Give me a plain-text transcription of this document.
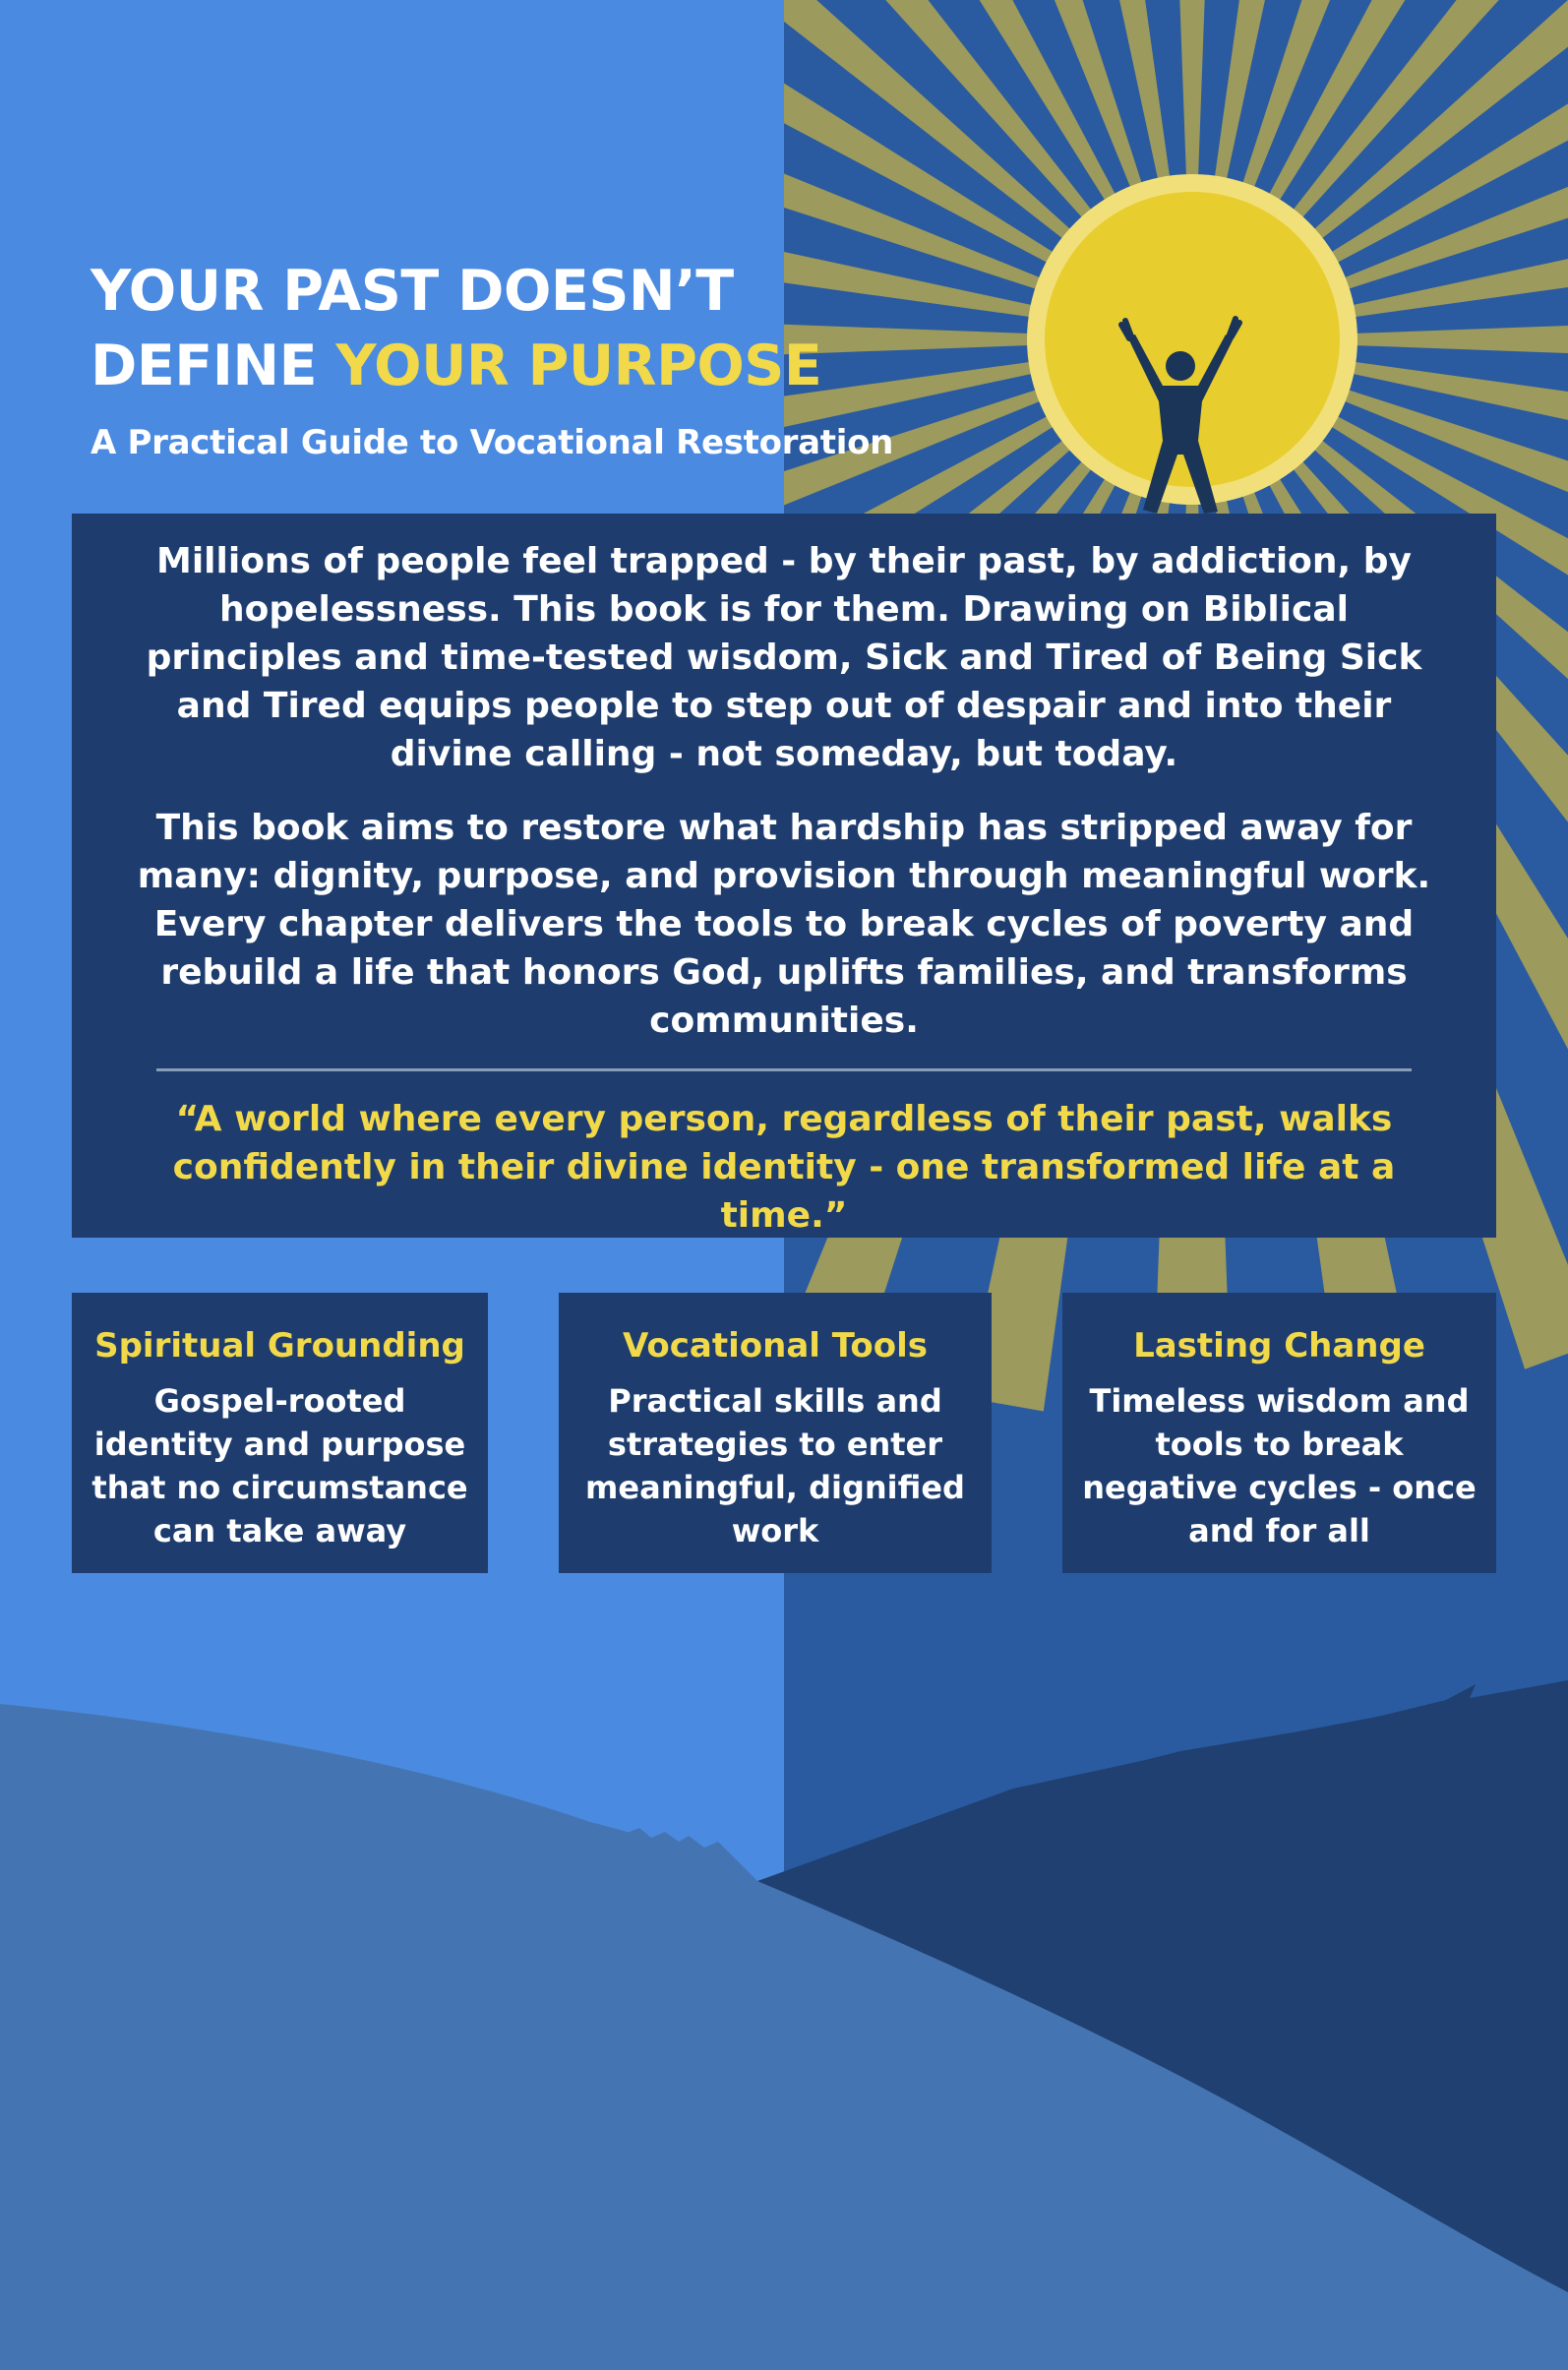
YOUR PAST DOESN’T
DEFINE YOUR PURPOSE
A Practical Guide to Vocational Restoration

Millions of people feel trapped - by their past, by addiction, by hopelessness. This book is for them. Drawing on Biblical principles and time-tested wisdom, Sick and Tired of Being Sick and Tired equips people to step out of despair and into their divine calling - not someday, but today.

This book aims to restore what hardship has stripped away for many: dignity, purpose, and provision through meaningful work. Every chapter delivers the tools to break cycles of poverty and rebuild a life that honors God, uplifts families, and transforms communities.

“A world where every person, regardless of their past, walks confidently in their divine identity - one transformed life at a time.”

Spiritual Grounding

Gospel-rooted identity and purpose that no circumstance can take away

Vocational Tools

Practical skills and strategies to enter meaningful, dignified work

Lasting Change

Timeless wisdom and tools to break negative cycles - once and for all
